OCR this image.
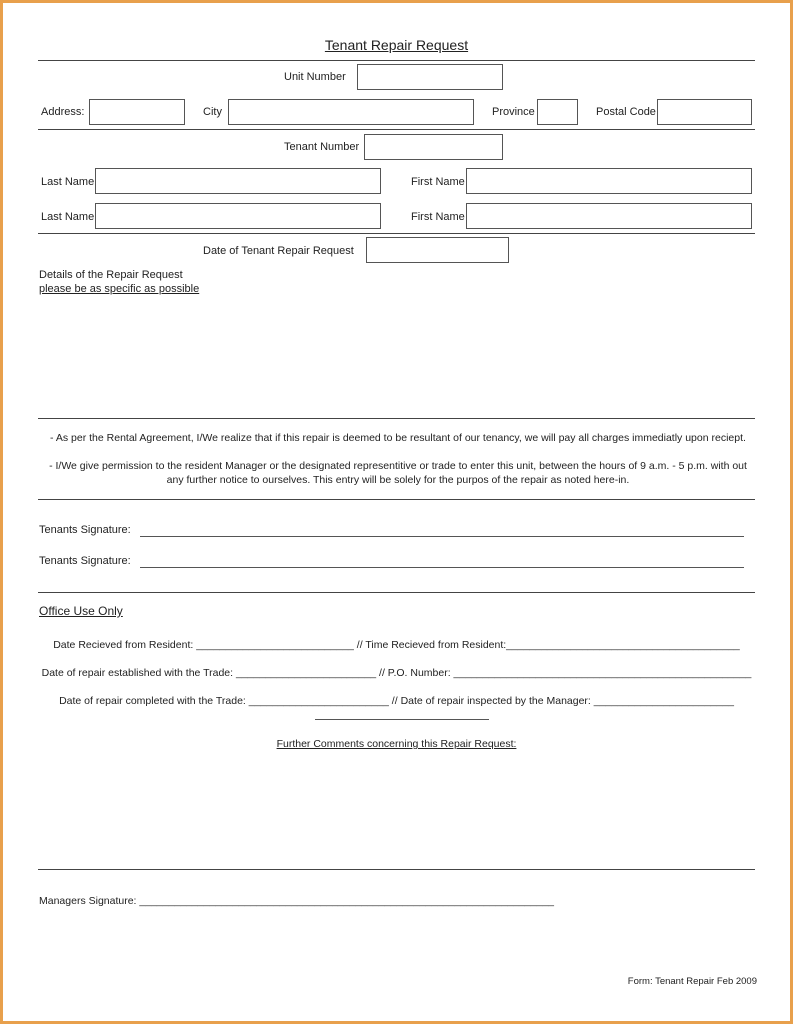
Tenant Repair Request
Unit Number
Address:	City	Province	Postal Code
Tenant Number
Last Name	First Name
Last Name	First Name
Date of Tenant Repair Request
Details of the Repair Request
please be as specific as possible
- As per the Rental Agreement, I/We realize that if this repair is deemed to be resultant of our tenancy, we will pay all charges immediatly upon reciept.
- I/We give permission to the resident Manager or the designated representitive or trade to enter this unit, between the hours of 9 a.m. - 5 p.m. with out any further notice to ourselves. This entry will be solely for the purpos of the repair as noted here-in.
Tenants Signature:
Tenants Signature:
Office Use Only
Date Recieved from Resident: ___________________________ // Time Recieved from Resident:________________________________________
Date of repair established with the Trade: ________________________ // P.O. Number: ___________________________________________________
Date of repair completed with the Trade: ________________________ // Date of repair inspected by the Manager: ________________________
Further Comments concerning this Repair Request:
Managers Signature: _______________________________________________________________________
Form: Tenant Repair Feb 2009
